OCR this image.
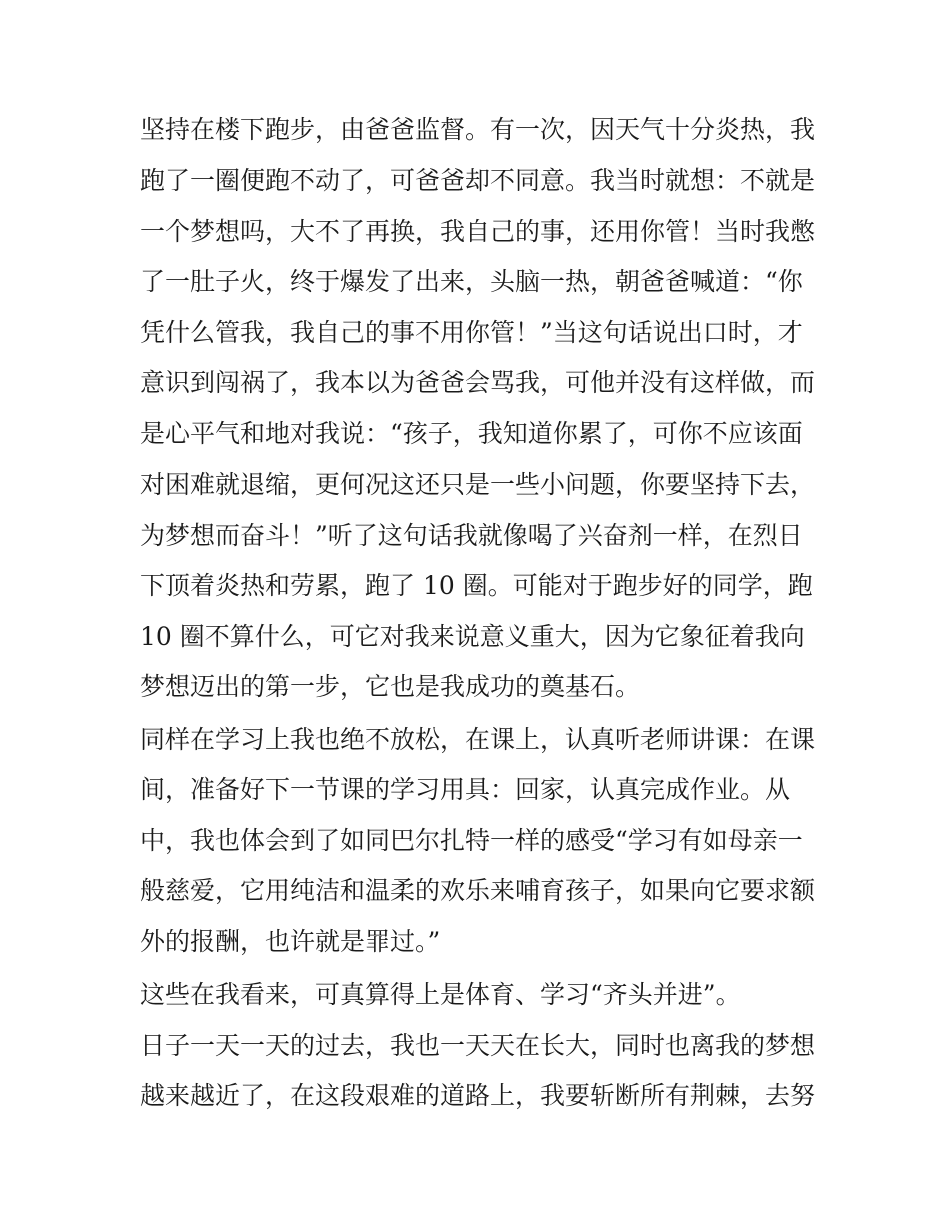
坚持在楼下跑步，由爸爸监督。有一次，因天气十分炎热，我
跑了一圈便跑不动了，可爸爸却不同意。我当时就想：不就是
一个梦想吗，大不了再换，我自己的事，还用你管！当时我憋
了一肚子火，终于爆发了出来，头脑一热，朝爸爸喊道：“你
凭什么管我，我自己的事不用你管！”当这句话说出口时，才
意识到闯祸了，我本以为爸爸会骂我，可他并没有这样做，而
是心平气和地对我说：“孩子，我知道你累了，可你不应该面
对困难就退缩，更何况这还只是一些小问题，你要坚持下去，
为梦想而奋斗！”听了这句话我就像喝了兴奋剂一样，在烈日
下顶着炎热和劳累，跑了 10 圈。可能对于跑步好的同学，跑
10 圈不算什么，可它对我来说意义重大，因为它象征着我向
梦想迈出的第一步，它也是我成功的奠基石。
同样在学习上我也绝不放松，在课上，认真听老师讲课：在课
间，准备好下一节课的学习用具：回家，认真完成作业。从
中，我也体会到了如同巴尔扎特一样的感受“学习有如母亲一
般慈爱，它用纯洁和温柔的欢乐来哺育孩子，如果向它要求额
外的报酬，也许就是罪过。”
这些在我看来，可真算得上是体育、学习“齐头并进”。
日子一天一天的过去，我也一天天在长大，同时也离我的梦想
越来越近了，在这段艰难的道路上，我要斩断所有荆棘，去努
